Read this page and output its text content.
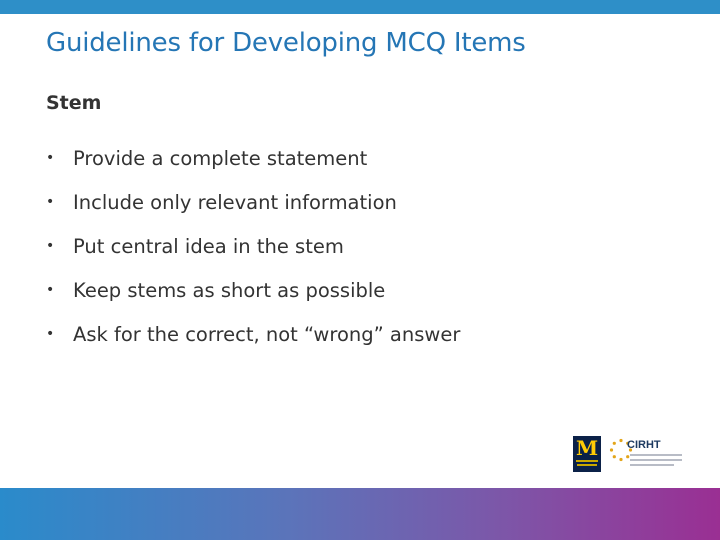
Guidelines for Developing MCQ Items
Stem
• Provide a complete statement
• Include only relevant information
• Put central idea in the stem
• Keep stems as short as possible
• Ask for the correct, not “wrong” answer
M	CIRHT
